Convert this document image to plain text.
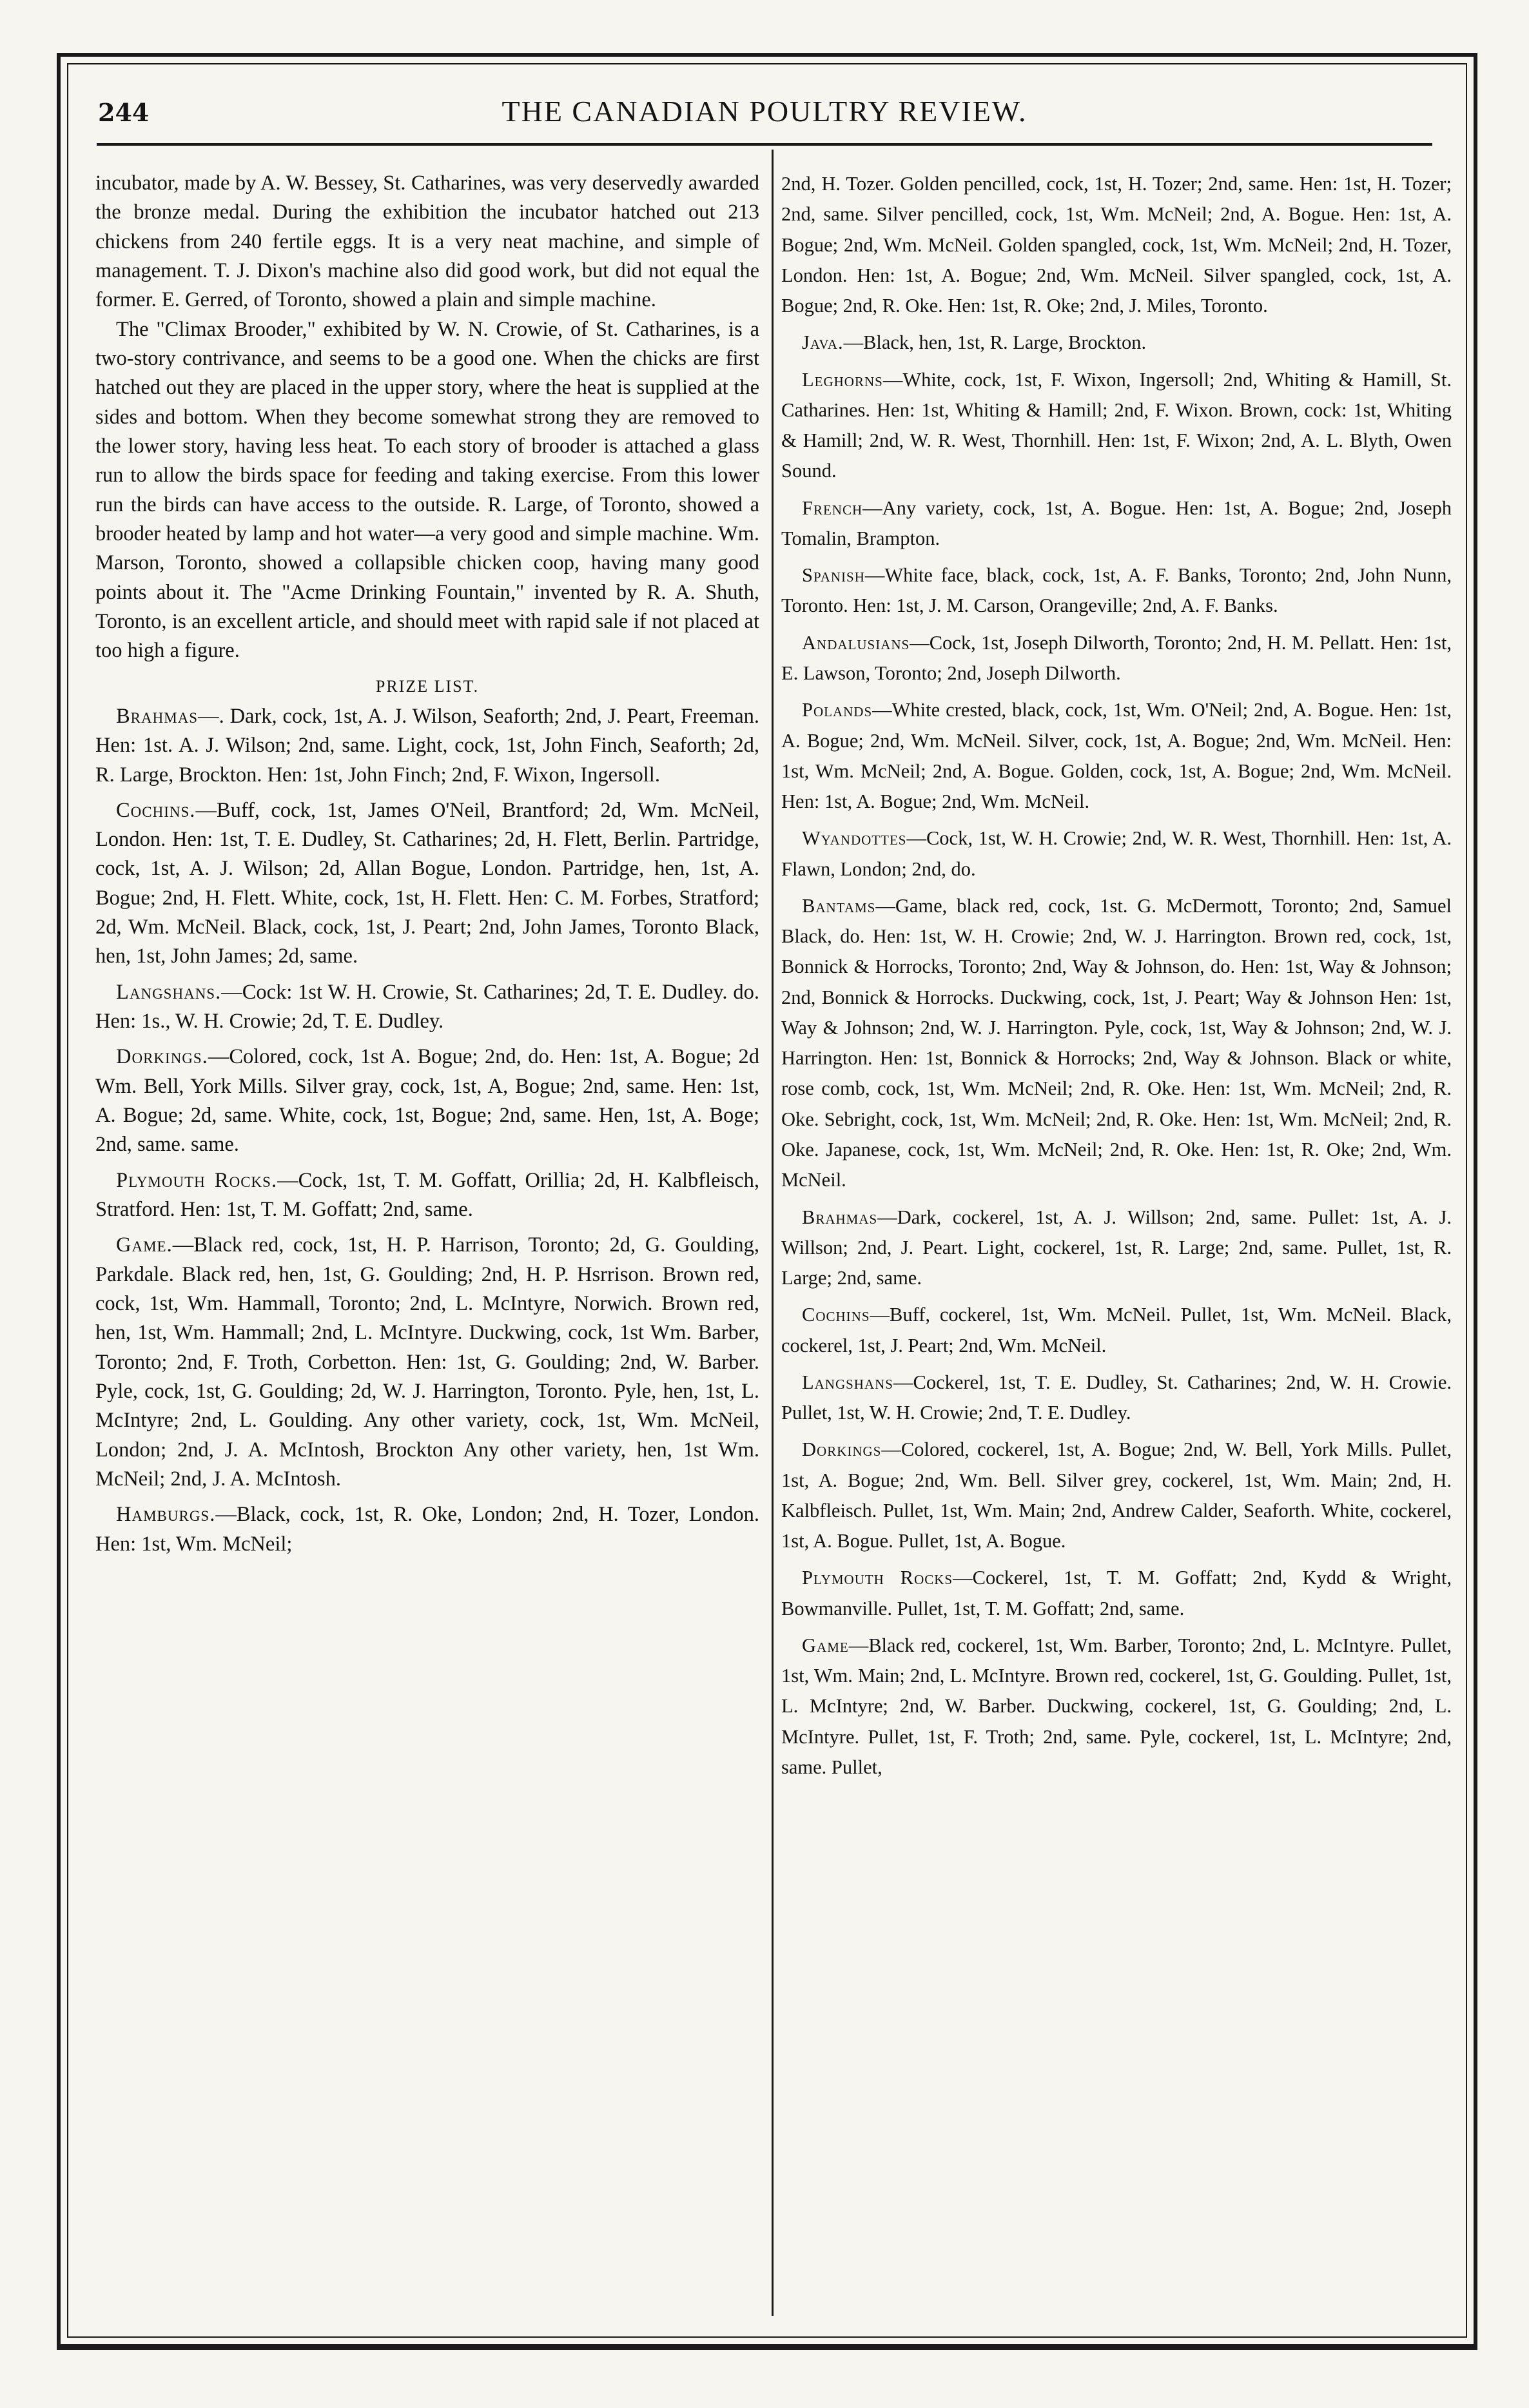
244	THE CANADIAN POULTRY REVIEW.

incubator, made by A. W. Bessey, St. Catharines, was very deservedly awarded the bronze medal. During the exhibition the incubator hatched out 213 chickens from 240 fertile eggs. It is a very neat machine, and simple of management. T. J. Dixon's machine also did good work, but did not equal the former. E. Gerred, of Toronto, showed a plain and simple machine.

The "Climax Brooder," exhibited by W. N. Crowie, of St. Catharines, is a two-story contrivance, and seems to be a good one. When the chicks are first hatched out they are placed in the upper story, where the heat is supplied at the sides and bottom. When they become somewhat strong they are removed to the lower story, having less heat. To each story of brooder is attached a glass run to allow the birds space for feeding and taking exercise. From this lower run the birds can have access to the outside. R. Large, of Toronto, showed a brooder heated by lamp and hot water—a very good and simple machine. Wm. Marson, Toronto, showed a collapsible chicken coop, having many good points about it. The "Acme Drinking Fountain," invented by R. A. Shuth, Toronto, is an excellent article, and should meet with rapid sale if not placed at too high a figure.

PRIZE LIST.

Brahmas—. Dark, cock, 1st, A. J. Wilson, Seaforth; 2nd, J. Peart, Freeman. Hen: 1st. A. J. Wilson; 2nd, same. Light, cock, 1st, John Finch, Seaforth; 2d, R. Large, Brockton. Hen: 1st, John Finch; 2nd, F. Wixon, Ingersoll.

Cochins.—Buff, cock, 1st, James O'Neil, Brantford; 2d, Wm. McNeil, London. Hen: 1st, T. E. Dudley, St. Catharines; 2d, H. Flett, Berlin. Partridge, cock, 1st, A. J. Wilson; 2d, Allan Bogue, London. Partridge, hen, 1st, A. Bogue; 2nd, H. Flett. White, cock, 1st, H. Flett. Hen: C. M. Forbes, Stratford; 2d, Wm. McNeil. Black, cock, 1st, J. Peart; 2nd, John James, Toronto Black, hen, 1st, John James; 2d, same.

Langshans.—Cock: 1st W. H. Crowie, St. Catharines; 2d, T. E. Dudley. do. Hen: 1s., W. H. Crowie; 2d, T. E. Dudley.

Dorkings.—Colored, cock, 1st A. Bogue; 2nd, do. Hen: 1st, A. Bogue; 2d Wm. Bell, York Mills. Silver gray, cock, 1st, A, Bogue; 2nd, same. Hen: 1st, A. Bogue; 2d, same. White, cock, 1st, Bogue; 2nd, same. Hen, 1st, A. Boge; 2nd, same. same.

Plymouth Rocks.—Cock, 1st, T. M. Goffatt, Orillia; 2d, H. Kalbfleisch, Stratford. Hen: 1st, T. M. Goffatt; 2nd, same.

Game.—Black red, cock, 1st, H. P. Harrison, Toronto; 2d, G. Goulding, Parkdale. Black red, hen, 1st, G. Goulding; 2nd, H. P. Hsrrison. Brown red, cock, 1st, Wm. Hammall, Toronto; 2nd, L. McIntyre, Norwich. Brown red, hen, 1st, Wm. Hammall; 2nd, L. McIntyre. Duckwing, cock, 1st Wm. Barber, Toronto; 2nd, F. Troth, Corbetton. Hen: 1st, G. Goulding; 2nd, W. Barber. Pyle, cock, 1st, G. Goulding; 2d, W. J. Harrington, Toronto. Pyle, hen, 1st, L. McIntyre; 2nd, L. Goulding. Any other variety, cock, 1st, Wm. McNeil, London; 2nd, J. A. McIntosh, Brockton Any other variety, hen, 1st Wm. McNeil; 2nd, J. A. McIntosh.

Hamburgs.—Black, cock, 1st, R. Oke, London; 2nd, H. Tozer, London. Hen: 1st, Wm. McNeil;

2nd, H. Tozer. Golden pencilled, cock, 1st, H. Tozer; 2nd, same. Hen: 1st, H. Tozer; 2nd, same. Silver pencilled, cock, 1st, Wm. McNeil; 2nd, A. Bogue. Hen: 1st, A. Bogue; 2nd, Wm. McNeil. Golden spangled, cock, 1st, Wm. McNeil; 2nd, H. Tozer, London. Hen: 1st, A. Bogue; 2nd, Wm. McNeil. Silver spangled, cock, 1st, A. Bogue; 2nd, R. Oke. Hen: 1st, R. Oke; 2nd, J. Miles, Toronto.

Java.—Black, hen, 1st, R. Large, Brockton.

Leghorns—White, cock, 1st, F. Wixon, Ingersoll; 2nd, Whiting & Hamill, St. Catharines. Hen: 1st, Whiting & Hamill; 2nd, F. Wixon. Brown, cock: 1st, Whiting & Hamill; 2nd, W. R. West, Thornhill. Hen: 1st, F. Wixon; 2nd, A. L. Blyth, Owen Sound.

French—Any variety, cock, 1st, A. Bogue. Hen: 1st, A. Bogue; 2nd, Joseph Tomalin, Brampton.

Spanish—White face, black, cock, 1st, A. F. Banks, Toronto; 2nd, John Nunn, Toronto. Hen: 1st, J. M. Carson, Orangeville; 2nd, A. F. Banks.

Andalusians—Cock, 1st, Joseph Dilworth, Toronto; 2nd, H. M. Pellatt. Hen: 1st, E. Lawson, Toronto; 2nd, Joseph Dilworth.

Polands—White crested, black, cock, 1st, Wm. O'Neil; 2nd, A. Bogue. Hen: 1st, A. Bogue; 2nd, Wm. McNeil. Silver, cock, 1st, A. Bogue; 2nd, Wm. McNeil. Hen: 1st, Wm. McNeil; 2nd, A. Bogue. Golden, cock, 1st, A. Bogue; 2nd, Wm. McNeil. Hen: 1st, A. Bogue; 2nd, Wm. McNeil.

Wyandottes—Cock, 1st, W. H. Crowie; 2nd, W. R. West, Thornhill. Hen: 1st, A. Flawn, London; 2nd, do.

Bantams—Game, black red, cock, 1st. G. McDermott, Toronto; 2nd, Samuel Black, do. Hen: 1st, W. H. Crowie; 2nd, W. J. Harrington. Brown red, cock, 1st, Bonnick & Horrocks, Toronto; 2nd, Way & Johnson, do. Hen: 1st, Way & Johnson; 2nd, Bonnick & Horrocks. Duckwing, cock, 1st, J. Peart; Way & Johnson Hen: 1st, Way & Johnson; 2nd, W. J. Harrington. Pyle, cock, 1st, Way & Johnson; 2nd, W. J. Harrington. Hen: 1st, Bonnick & Horrocks; 2nd, Way & Johnson. Black or white, rose comb, cock, 1st, Wm. McNeil; 2nd, R. Oke. Hen: 1st, Wm. McNeil; 2nd, R. Oke. Sebright, cock, 1st, Wm. McNeil; 2nd, R. Oke. Hen: 1st, Wm. McNeil; 2nd, R. Oke. Japanese, cock, 1st, Wm. McNeil; 2nd, R. Oke. Hen: 1st, R. Oke; 2nd, Wm. McNeil.

Brahmas—Dark, cockerel, 1st, A. J. Willson; 2nd, same. Pullet: 1st, A. J. Willson; 2nd, J. Peart. Light, cockerel, 1st, R. Large; 2nd, same. Pullet, 1st, R. Large; 2nd, same.

Cochins—Buff, cockerel, 1st, Wm. McNeil. Pullet, 1st, Wm. McNeil. Black, cockerel, 1st, J. Peart; 2nd, Wm. McNeil.

Langshans—Cockerel, 1st, T. E. Dudley, St. Catharines; 2nd, W. H. Crowie. Pullet, 1st, W. H. Crowie; 2nd, T. E. Dudley.

Dorkings—Colored, cockerel, 1st, A. Bogue; 2nd, W. Bell, York Mills. Pullet, 1st, A. Bogue; 2nd, Wm. Bell. Silver grey, cockerel, 1st, Wm. Main; 2nd, H. Kalbfleisch. Pullet, 1st, Wm. Main; 2nd, Andrew Calder, Seaforth. White, cockerel, 1st, A. Bogue. Pullet, 1st, A. Bogue.

Plymouth Rocks—Cockerel, 1st, T. M. Goffatt; 2nd, Kydd & Wright, Bowmanville. Pullet, 1st, T. M. Goffatt; 2nd, same.

Game—Black red, cockerel, 1st, Wm. Barber, Toronto; 2nd, L. McIntyre. Pullet, 1st, Wm. Main; 2nd, L. McIntyre. Brown red, cockerel, 1st, G. Goulding. Pullet, 1st, L. McIntyre; 2nd, W. Barber. Duckwing, cockerel, 1st, G. Goulding; 2nd, L. McIntyre. Pullet, 1st, F. Troth; 2nd, same. Pyle, cockerel, 1st, L. McIntyre; 2nd, same. Pullet,
